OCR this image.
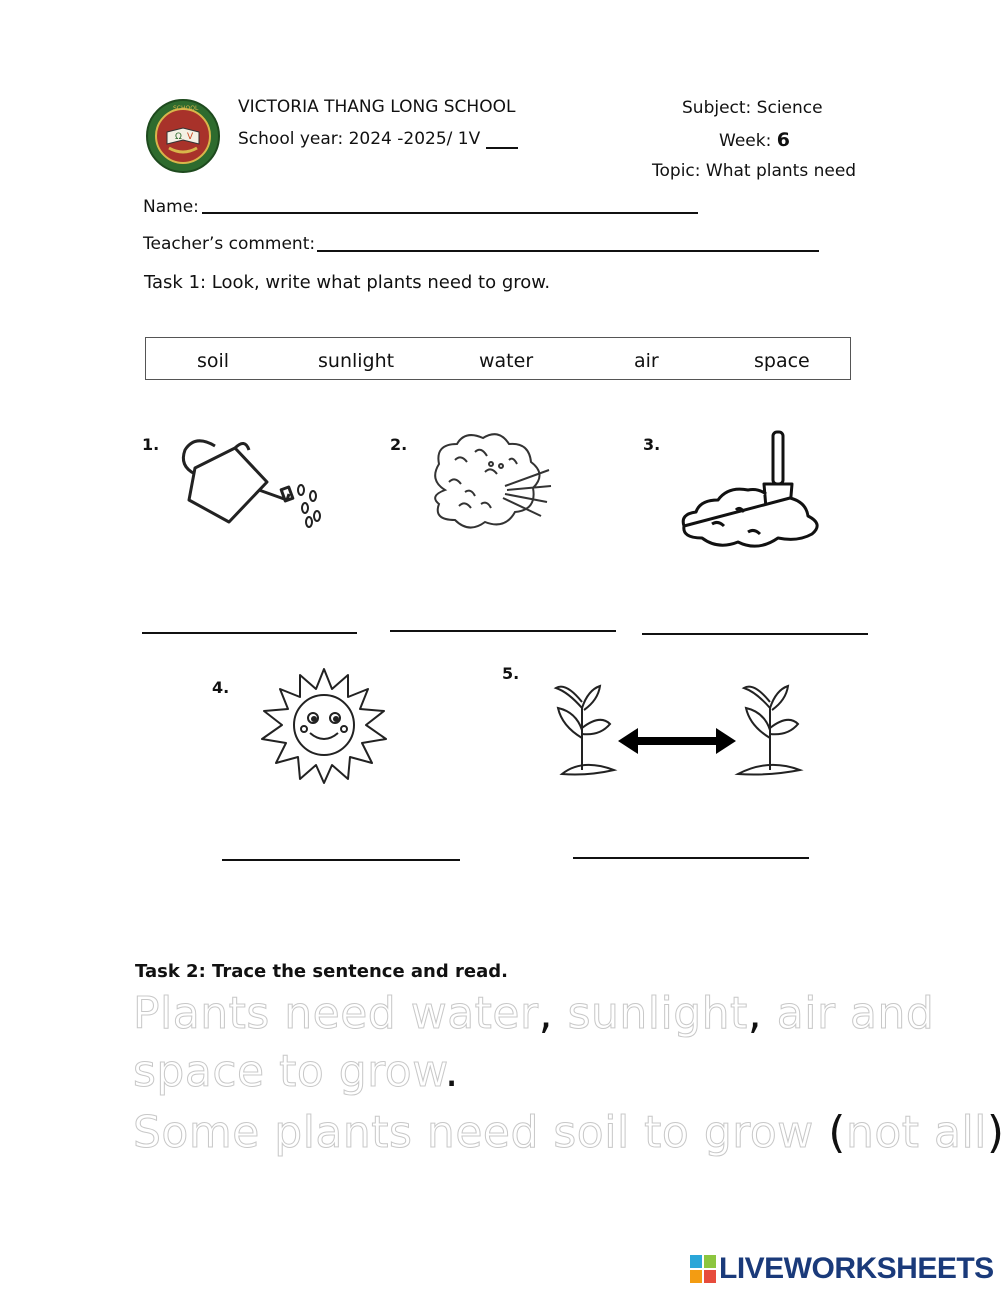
Ω V
SCHOOL VICTORIA THANG LONG SCHOOL
School year: 2024 -2025/ 1V
Subject: Science
Week: 6
Topic: What plants need
Name:
Teacher’s comment:
Task 1: Look, write what plants need to grow.
soil	sunlight	water	air	space
1.	2.	3.
4.
5.
Task 2: Trace the sentence and read.
Plants need water, sunlight, air and
space to grow.
Some plants need soil to grow (not all)
LIVEWORKSHEETS
